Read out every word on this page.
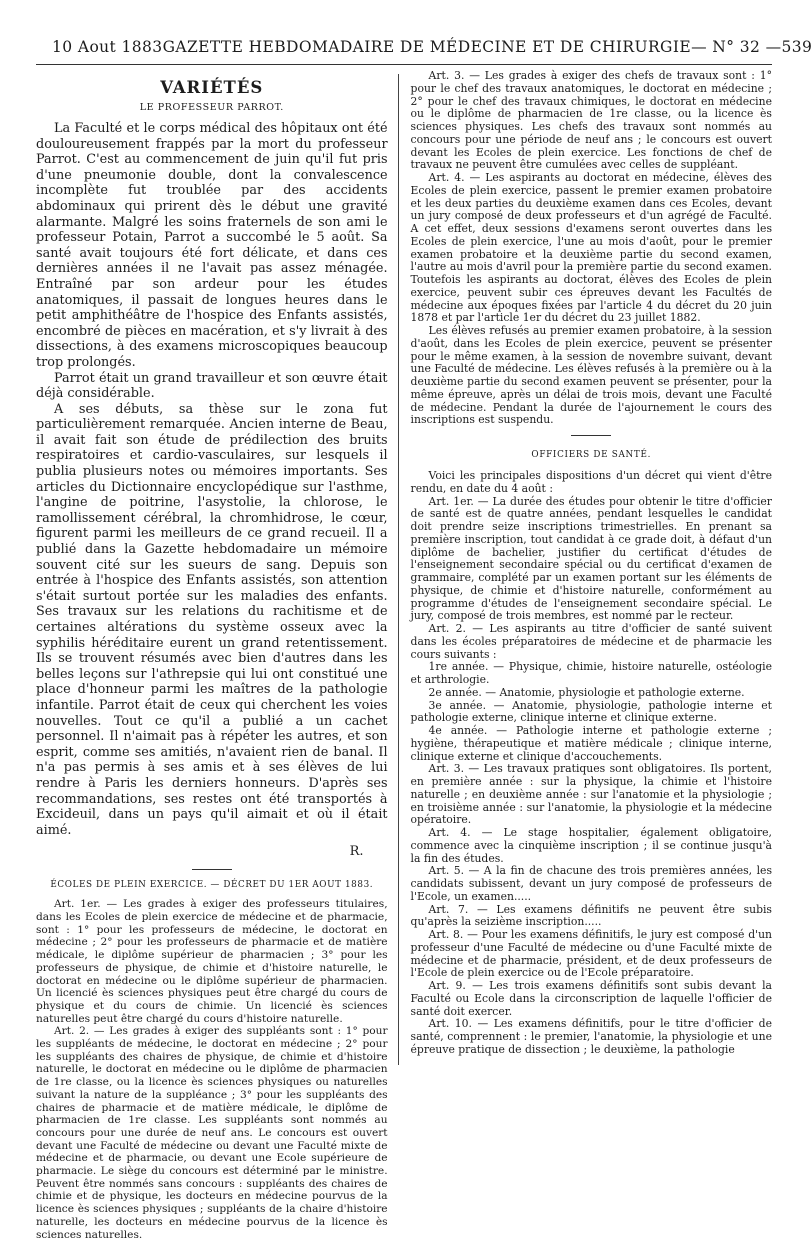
10 Aout 1883 GAZETTE HEBDOMADAIRE DE MÉDECINE ET DE CHIRURGIE — N° 32 — 539
VARIÉTÉS
LE PROFESSEUR PARROT.

La Faculté et le corps médical des hôpitaux ont été douloureusement frappés par la mort du professeur Parrot. C'est au commencement de juin qu'il fut pris d'une pneumonie double, dont la convalescence incomplète fut troublée par des accidents abdominaux qui prirent dès le début une gravité alarmante. Malgré les soins fraternels de son ami le professeur Potain, Parrot a succombé le 5 août. Sa santé avait toujours été fort délicate, et dans ces dernières années il ne l'avait pas assez ménagée. Entraîné par son ardeur pour les études anatomiques, il passait de longues heures dans le petit amphithéâtre de l'hospice des Enfants assistés, encombré de pièces en macération, et s'y livrait à des dissections, à des examens microscopiques beaucoup trop prolongés.

Parrot était un grand travailleur et son œuvre était déjà considérable.

A ses débuts, sa thèse sur le zona fut particulièrement remarquée. Ancien interne de Beau, il avait fait son étude de prédilection des bruits respiratoires et cardio-vasculaires, sur lesquels il publia plusieurs notes ou mémoires importants. Ses articles du Dictionnaire encyclopédique sur l'asthme, l'angine de poitrine, l'asystolie, la chlorose, le ramollissement cérébral, la chromhidrose, le cœur, figurent parmi les meilleurs de ce grand recueil. Il a publié dans la Gazette hebdomadaire un mémoire souvent cité sur les sueurs de sang. Depuis son entrée à l'hospice des Enfants assistés, son attention s'était surtout portée sur les maladies des enfants. Ses travaux sur les relations du rachitisme et de certaines altérations du système osseux avec la syphilis héréditaire eurent un grand retentissement. Ils se trouvent résumés avec bien d'autres dans les belles leçons sur l'athrepsie qui lui ont constitué une place d'honneur parmi les maîtres de la pathologie infantile. Parrot était de ceux qui cherchent les voies nouvelles. Tout ce qu'il a publié a un cachet personnel. Il n'aimait pas à répéter les autres, et son esprit, comme ses amitiés, n'avaient rien de banal. Il n'a pas permis à ses amis et à ses élèves de lui rendre à Paris les derniers honneurs. D'après ses recommandations, ses restes ont été transportés à Excideuil, dans un pays qu'il aimait et où il était aimé.

R.
ÉCOLES DE PLEIN EXERCICE. — DÉCRET DU 1ER AOUT 1883.

Art. 1er. — Les grades à exiger des professeurs titulaires, dans les Ecoles de plein exercice de médecine et de pharmacie, sont : 1° pour les professeurs de médecine, le doctorat en médecine ; 2° pour les professeurs de pharmacie et de matière médicale, le diplôme supérieur de pharmacien ; 3° pour les professeurs de physique, de chimie et d'histoire naturelle, le doctorat en médecine ou le diplôme supérieur de pharmacien. Un licencié ès sciences physiques peut être chargé du cours de physique et du cours de chimie. Un licencié ès sciences naturelles peut être chargé du cours d'histoire naturelle.

Art. 2. — Les grades à exiger des suppléants sont : 1° pour les suppléants de médecine, le doctorat en médecine ; 2° pour les suppléants des chaires de physique, de chimie et d'histoire naturelle, le doctorat en médecine ou le diplôme de pharmacien de 1re classe, ou la licence ès sciences physiques ou naturelles suivant la nature de la suppléance ; 3° pour les suppléants des chaires de pharmacie et de matière médicale, le diplôme de pharmacien de 1re classe. Les suppléants sont nommés au concours pour une durée de neuf ans. Le concours est ouvert devant une Faculté de médecine ou devant une Faculté mixte de médecine et de pharmacie, ou devant une Ecole supérieure de pharmacie. Le siège du concours est déterminé par le ministre. Peuvent être nommés sans concours : suppléants des chaires de chimie et de physique, les docteurs en médecine pourvus de la licence ès sciences physiques ; suppléants de la chaire d'histoire naturelle, les docteurs en médecine pourvus de la licence ès sciences naturelles.

Art. 3. — Les grades à exiger des chefs de travaux sont : 1° pour le chef des travaux anatomiques, le doctorat en médecine ; 2° pour le chef des travaux chimiques, le doctorat en médecine ou le diplôme de pharmacien de 1re classe, ou la licence ès sciences physiques. Les chefs des travaux sont nommés au concours pour une période de neuf ans ; le concours est ouvert devant les Ecoles de plein exercice. Les fonctions de chef de travaux ne peuvent être cumulées avec celles de suppléant.

Art. 4. — Les aspirants au doctorat en médecine, élèves des Ecoles de plein exercice, passent le premier examen probatoire et les deux parties du deuxième examen dans ces Ecoles, devant un jury composé de deux professeurs et d'un agrégé de Faculté. A cet effet, deux sessions d'examens seront ouvertes dans les Ecoles de plein exercice, l'une au mois d'août, pour le premier examen probatoire et la deuxième partie du second examen, l'autre au mois d'avril pour la première partie du second examen. Toutefois les aspirants au doctorat, élèves des Ecoles de plein exercice, peuvent subir ces épreuves devant les Facultés de médecine aux époques fixées par l'article 4 du décret du 20 juin 1878 et par l'article 1er du décret du 23 juillet 1882.

Les élèves refusés au premier examen probatoire, à la session d'août, dans les Ecoles de plein exercice, peuvent se présenter pour le même examen, à la session de novembre suivant, devant une Faculté de médecine. Les élèves refusés à la première ou à la deuxième partie du second examen peuvent se présenter, pour la même épreuve, après un délai de trois mois, devant une Faculté de médecine. Pendant la durée de l'ajournement le cours des inscriptions est suspendu.

OFFICIERS DE SANTÉ.

Voici les principales dispositions d'un décret qui vient d'être rendu, en date du 4 août :

Art. 1er. — La durée des études pour obtenir le titre d'officier de santé est de quatre années, pendant lesquelles le candidat doit prendre seize inscriptions trimestrielles. En prenant sa première inscription, tout candidat à ce grade doit, à défaut d'un diplôme de bachelier, justifier du certificat d'études de l'enseignement secondaire spécial ou du certificat d'examen de grammaire, complété par un examen portant sur les éléments de physique, de chimie et d'histoire naturelle, conformément au programme d'études de l'enseignement secondaire spécial. Le jury, composé de trois membres, est nommé par le recteur.

Art. 2. — Les aspirants au titre d'officier de santé suivent dans les écoles préparatoires de médecine et de pharmacie les cours suivants :

1re année. — Physique, chimie, histoire naturelle, ostéologie et arthrologie.
2e année. — Anatomie, physiologie et pathologie externe.
3e année. — Anatomie, physiologie, pathologie interne et pathologie externe, clinique interne et clinique externe.
4e année. — Pathologie interne et pathologie externe ; hygiène, thérapeutique et matière médicale ; clinique interne, clinique externe et clinique d'accouchements.

Art. 3. — Les travaux pratiques sont obligatoires. Ils portent, en première année : sur la physique, la chimie et l'histoire naturelle ; en deuxième année : sur l'anatomie et la physiologie ; en troisième année : sur l'anatomie, la physiologie et la médecine opératoire.

Art. 4. — Le stage hospitalier, également obligatoire, commence avec la cinquième inscription ; il se continue jusqu'à la fin des études.

Art. 5. — A la fin de chacune des trois premières années, les candidats subissent, devant un jury composé de professeurs de l'Ecole, un examen.....

Art. 7. — Les examens définitifs ne peuvent être subis qu'après la seizième inscription.....

Art. 8. — Pour les examens définitifs, le jury est composé d'un professeur d'une Faculté de médecine ou d'une Faculté mixte de médecine et de pharmacie, président, et de deux professeurs de l'Ecole de plein exercice ou de l'Ecole préparatoire.

Art. 9. — Les trois examens définitifs sont subis devant la Faculté ou Ecole dans la circonscription de laquelle l'officier de santé doit exercer.

Art. 10. — Les examens définitifs, pour le titre d'officier de santé, comprennent : le premier, l'anatomie, la physiologie et une épreuve pratique de dissection ; le deuxième, la pathologie
